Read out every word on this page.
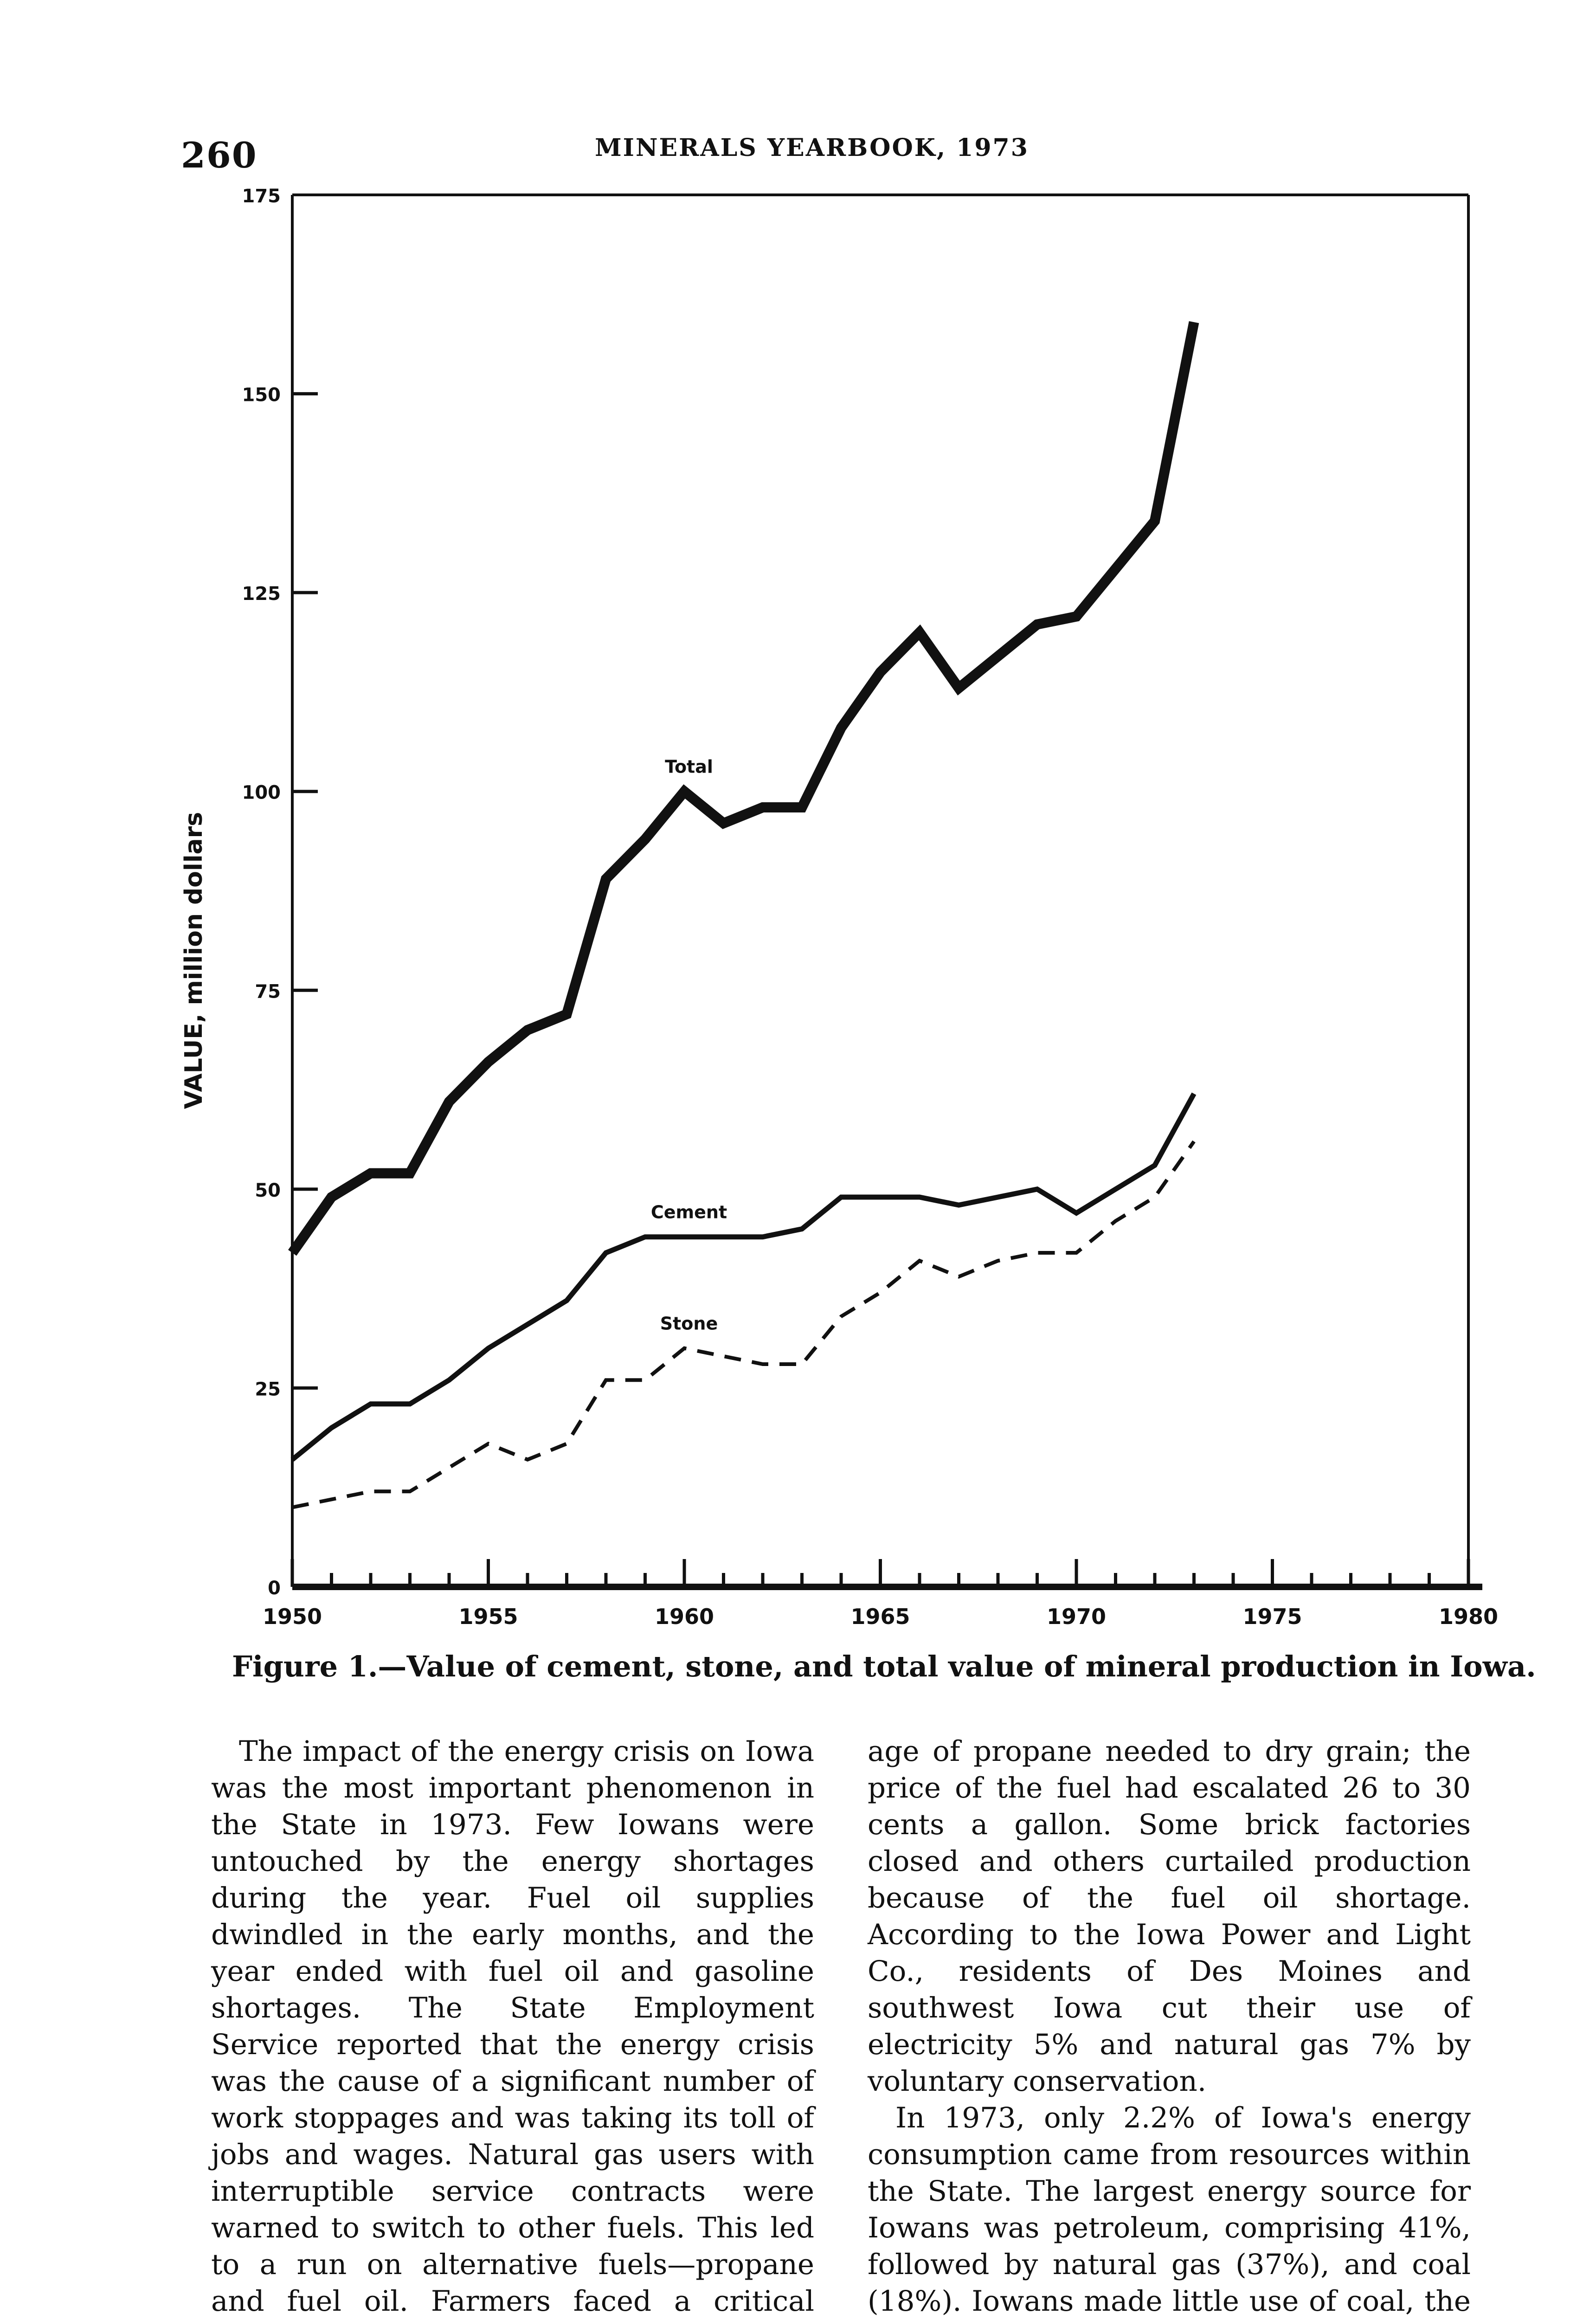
260	MINERALS YEARBOOK, 1973
0
25
50
75
100
125
150
175
1950	1955	1960	1965	1970	1975	1980
VALUE, million dollars
Total
Cement
Stone
Figure 1.—Value of cement, stone, and total value of mineral production in Iowa.

The impact of the energy crisis on Iowa was the most important phenomenon in the State in 1973. Few Iowans were untouched by the energy shortages during the year. Fuel oil supplies dwindled in the early months, and the year ended with fuel oil and gasoline shortages. The State Employment Service reported that the energy crisis was the cause of a significant number of work stoppages and was taking its toll of jobs and wages. Natural gas users with interruptible service contracts were warned to switch to other fuels. This led to a run on alternative fuels—propane and fuel oil. Farmers faced a critical

age of propane needed to dry grain; the price of the fuel had escalated 26 to 30 cents a gallon. Some brick factories closed and others curtailed production because of the fuel oil shortage. According to the Iowa Power and Light Co., residents of Des Moines and southwest Iowa cut their use of electricity 5% and natural gas 7% by voluntary conservation.

In 1973, only 2.2% of Iowa's energy consumption came from resources within the State. The largest energy source for Iowans was petroleum, comprising 41%, followed by natural gas (37%), and coal (18%). Iowans made little use of coal, the
